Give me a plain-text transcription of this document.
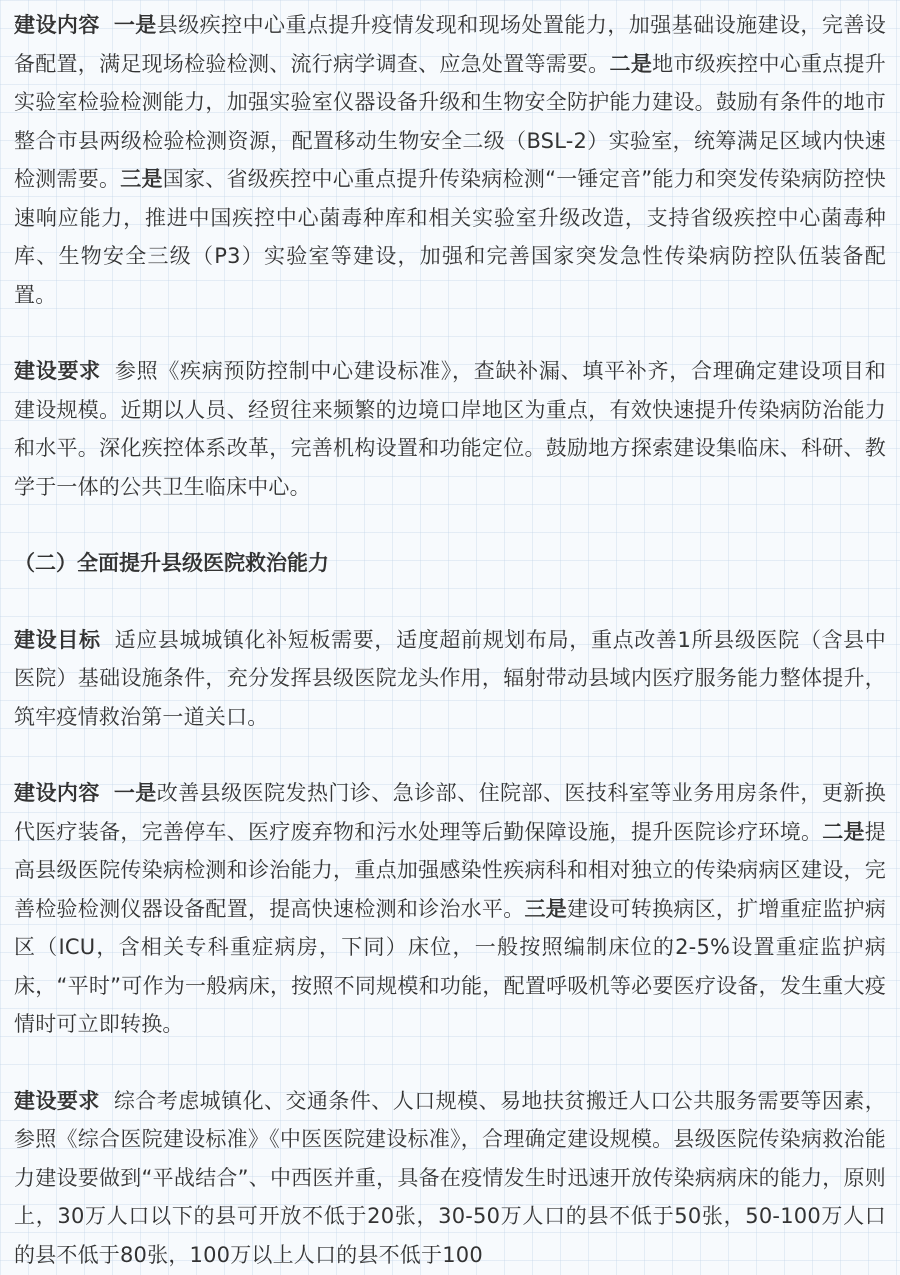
建设内容 一是县级疾控中心重点提升疫情发现和现场处置能力，加强基础设施建设，完善设备配置，满足现场检验检测、流行病学调查、应急处置等需要。二是地市级疾控中心重点提升实验室检验检测能力，加强实验室仪器设备升级和生物安全防护能力建设。鼓励有条件的地市整合市县两级检验检测资源，配置移动生物安全二级（BSL-2）实验室，统筹满足区域内快速检测需要。三是国家、省级疾控中心重点提升传染病检测“一锤定音”能力和突发传染病防控快速响应能力，推进中国疾控中心菌毒种库和相关实验室升级改造，支持省级疾控中心菌毒种库、生物安全三级（P3）实验室等建设，加强和完善国家突发急性传染病防控队伍装备配置。

建设要求 参照《疾病预防控制中心建设标准》，查缺补漏、填平补齐，合理确定建设项目和建设规模。近期以人员、经贸往来频繁的边境口岸地区为重点，有效快速提升传染病防治能力和水平。深化疾控体系改革，完善机构设置和功能定位。鼓励地方探索建设集临床、科研、教学于一体的公共卫生临床中心。

（二）全面提升县级医院救治能力

建设目标 适应县城城镇化补短板需要，适度超前规划布局，重点改善1所县级医院（含县中医院）基础设施条件，充分发挥县级医院龙头作用，辐射带动县域内医疗服务能力整体提升，筑牢疫情救治第一道关口。

建设内容 一是改善县级医院发热门诊、急诊部、住院部、医技科室等业务用房条件，更新换代医疗装备，完善停车、医疗废弃物和污水处理等后勤保障设施，提升医院诊疗环境。二是提高县级医院传染病检测和诊治能力，重点加强感染性疾病科和相对独立的传染病病区建设，完善检验检测仪器设备配置，提高快速检测和诊治水平。三是建设可转换病区，扩增重症监护病区（ICU，含相关专科重症病房，下同）床位，一般按照编制床位的2-5%设置重症监护病床，“平时”可作为一般病床，按照不同规模和功能，配置呼吸机等必要医疗设备，发生重大疫情时可立即转换。

建设要求 综合考虑城镇化、交通条件、人口规模、易地扶贫搬迁人口公共服务需要等因素，参照《综合医院建设标准》《中医医院建设标准》，合理确定建设规模。县级医院传染病救治能力建设要做到“平战结合”、中西医并重，具备在疫情发生时迅速开放传染病病床的能力，原则上，30万人口以下的县可开放不低于20张，30-50万人口的县不低于50张，50-100万人口的县不低于80张，100万以上人口的县不低于100
